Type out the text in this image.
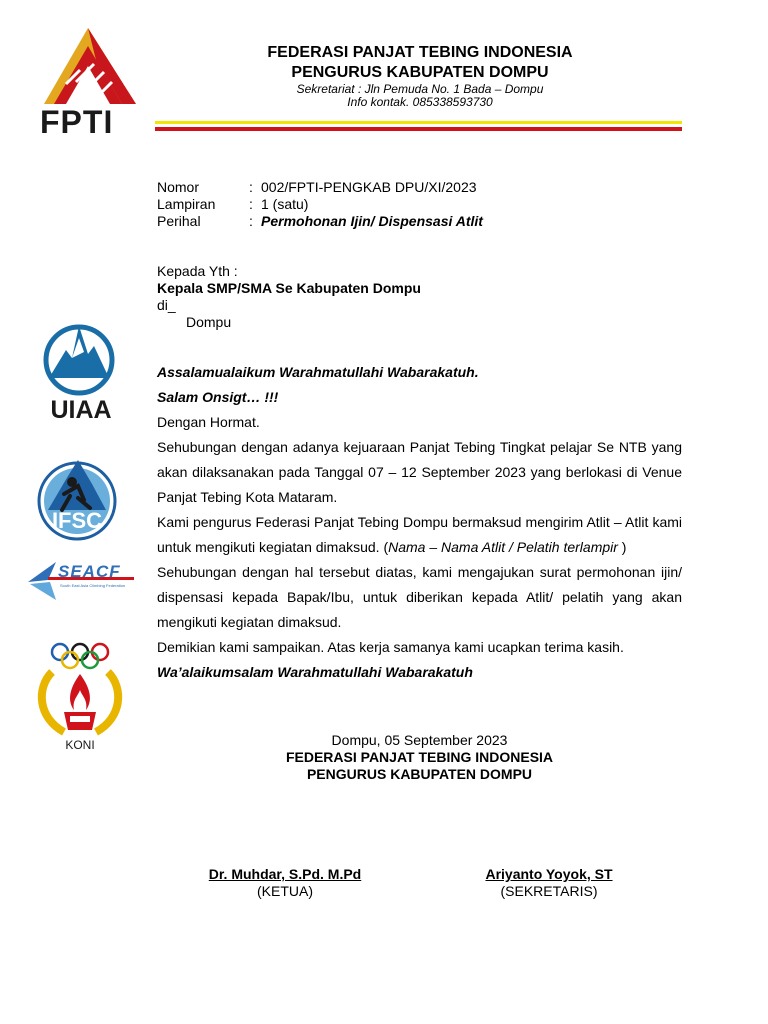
FPTI
FEDERASI PANJAT TEBING INDONESIA
PENGURUS KABUPATEN DOMPU
Sekretariat : Jln Pemuda No. 1 Bada – Dompu
Info kontak. 085338593730
Nomor	: 002/FPTI-PENGKAB DPU/XI/2023
Lampiran : 1 (satu)
Perihal	: Permohonan Ijin/ Dispensasi Atlit
Kepada Yth :
Kepala SMP/SMA Se Kabupaten Dompu
di_
Dompu

Assalamualaikum Warahmatullahi Wabarakatuh.

Salam Onsigt… !!!

Dengan Hormat.

Sehubungan dengan adanya kejuaraan Panjat Tebing Tingkat pelajar Se NTB yang akan dilaksanakan pada Tanggal 07 – 12 September 2023 yang berlokasi di Venue Panjat Tebing Kota Mataram.

Kami pengurus Federasi Panjat Tebing Dompu bermaksud mengirim Atlit – Atlit kami untuk mengikuti kegiatan dimaksud. (Nama – Nama Atlit / Pelatih terlampir )

Sehubungan dengan hal tersebut diatas, kami mengajukan surat permohonan ijin/ dispensasi kepada Bapak/Ibu, untuk diberikan kepada Atlit/ pelatih yang akan mengikuti kegiatan dimaksud.

Demikian kami sampaikan. Atas kerja samanya kami ucapkan terima kasih.

Wa’alaikumsalam Warahmatullahi Wabarakatuh

Dompu, 05 September 2023
FEDERASI PANJAT TEBING INDONESIA
PENGURUS KABUPATEN DOMPU
Dr. Muhdar, S.Pd. M.Pd
(KETUA)
Ariyanto Yoyok, ST
(SEKRETARIS)
UIAA
IFSC
SEACF
South East Asia Climbing Federation
KONI
